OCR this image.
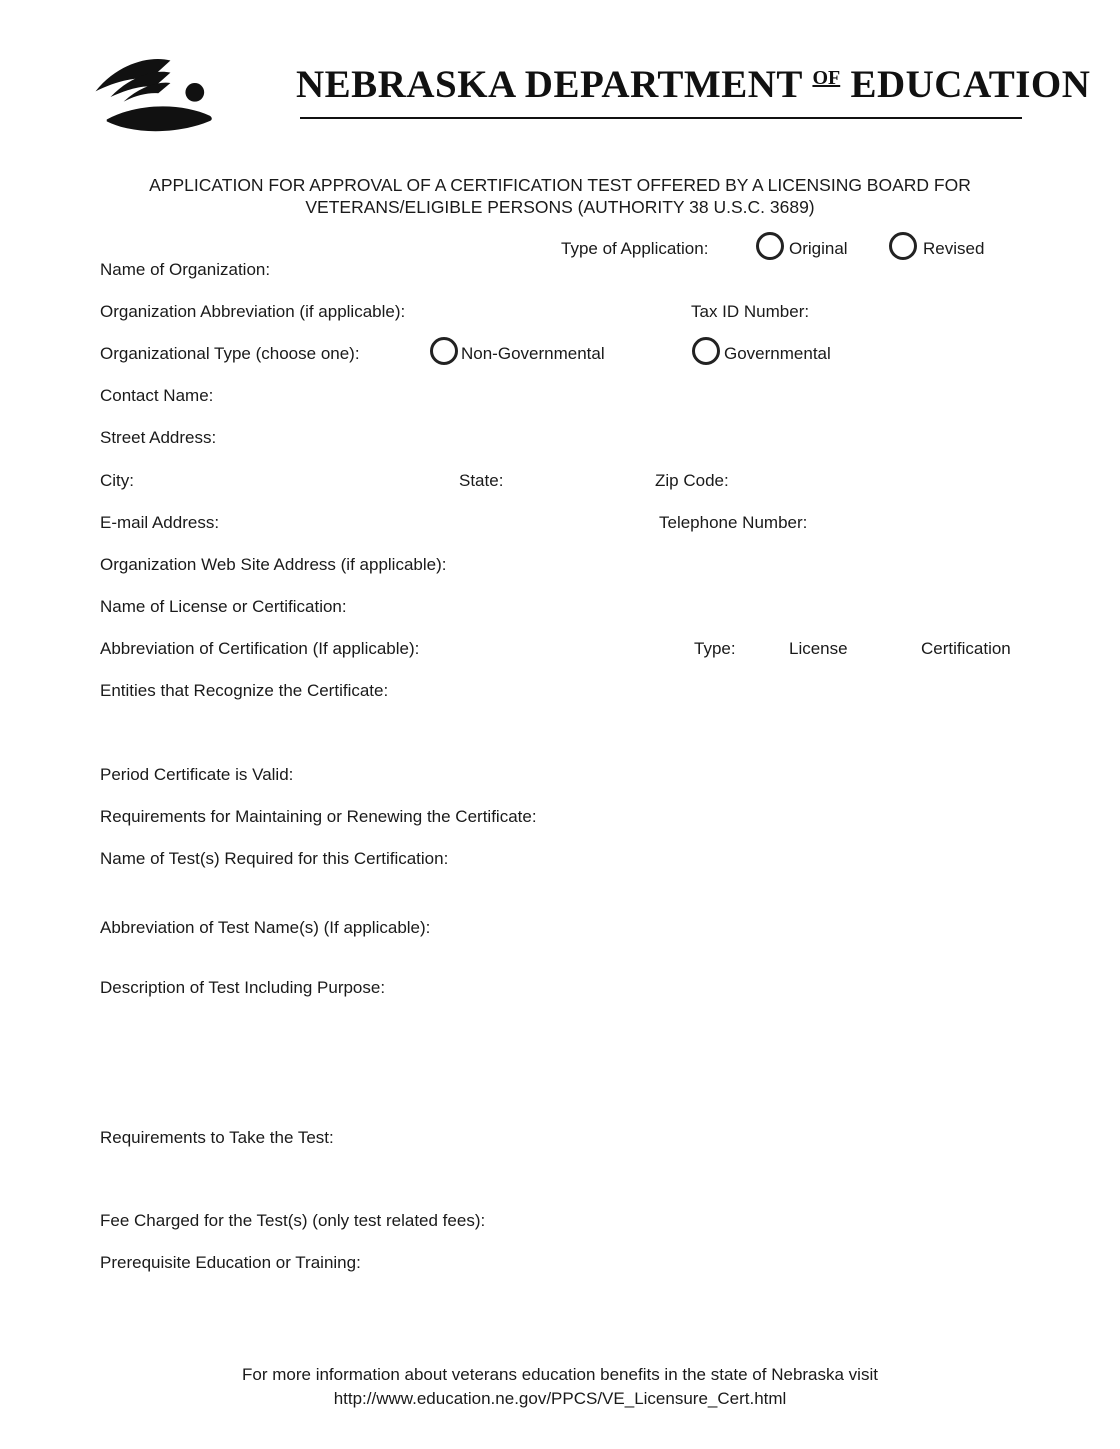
NEBRASKA DEPARTMENT $^{OF}$ EDUCATION
APPLICATION FOR APPROVAL OF A CERTIFICATION TEST OFFERED BY A LICENSING BOARD FOR
VETERANS/ELIGIBLE PERSONS (AUTHORITY 38 U.S.C. 3689)
Type of Application:	Original	Revised
Name of Organization:
Organization Abbreviation (if applicable):	Tax ID Number:
Organizational Type (choose one):	Non-Governmental	Governmental
Contact Name:
Street Address:
City:	State:	Zip Code:
E-mail Address:	Telephone Number:
Organization Web Site Address (if applicable):
Name of License or Certification:
Abbreviation of Certification (If applicable):	Type:	License	Certification
Entities that Recognize the Certificate:
Period Certificate is Valid:
Requirements for Maintaining or Renewing the Certificate:
Name of Test(s) Required for this Certification:
Abbreviation of Test Name(s) (If applicable):
Description of Test Including Purpose:
Requirements to Take the Test:
Fee Charged for the Test(s) (only test related fees):
Prerequisite Education or Training:
For more information about veterans education benefits in the state of Nebraska visit
http://www.education.ne.gov/PPCS/VE_Licensure_Cert.html
